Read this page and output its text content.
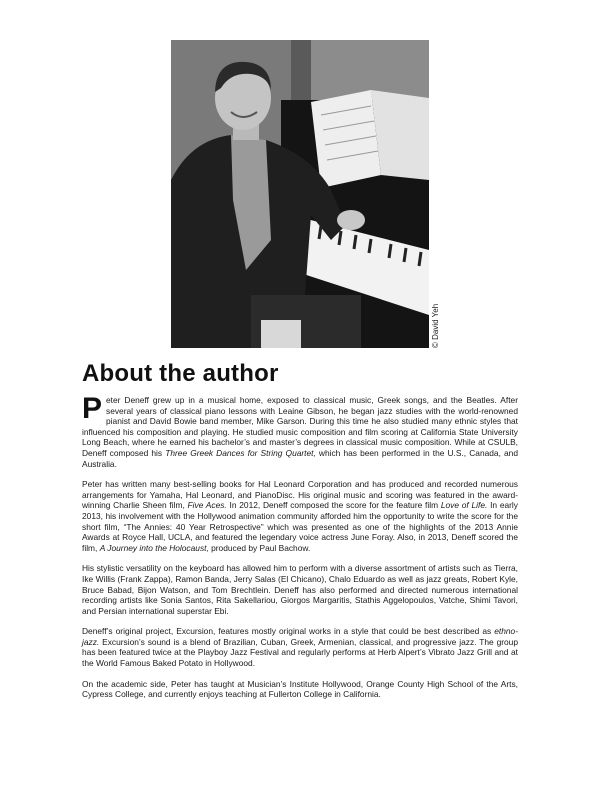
© David Yeh
About the author

Peter Deneff grew up in a musical home, exposed to classical music, Greek songs, and the Beatles. After several years of classical piano lessons with Leaine Gibson, he began jazz studies with the world-renowned pianist and David Bowie band member, Mike Garson. During this time he also studied many ethnic styles that influenced his composition and playing. He studied music composition and film scoring at California State University Long Beach, where he earned his bachelor’s and master’s degrees in classical music composition. While at CSULB, Deneff composed his Three Greek Dances for String Quartet, which has been performed in the U.S., Canada, and Australia.

Peter has written many best-selling books for Hal Leonard Corporation and has produced and recorded numerous arrangements for Yamaha, Hal Leonard, and PianoDisc. His original music and scoring was featured in the award-winning Charlie Sheen film, Five Aces. In 2012, Deneff composed the score for the feature film Love of Life. In early 2013, his involvement with the Hollywood animation community afforded him the opportunity to write the score for the short film, “The Annies: 40 Year Retrospective” which was presented as one of the highlights of the 2013 Annie Awards at Royce Hall, UCLA, and featured the legendary voice actress June Foray. Also, in 2013, Deneff scored the film, A Journey into the Holocaust, produced by Paul Bachow.

His stylistic versatility on the keyboard has allowed him to perform with a diverse assortment of artists such as Tierra, Ike Willis (Frank Zappa), Ramon Banda, Jerry Salas (El Chicano), Chalo Eduardo as well as jazz greats, Robert Kyle, Bruce Babad, Bijon Watson, and Tom Brechtlein. Deneff has also performed and directed numerous international recording artists like Sonia Santos, Rita Sakellariou, Giorgos Margaritis, Stathis Aggelopoulos, Vatche, Shimi Tavori, and Persian international superstar Ebi.

Deneff’s original project, Excursion, features mostly original works in a style that could be best described as ethno-jazz. Excursion’s sound is a blend of Brazilian, Cuban, Greek, Armenian, classical, and progressive jazz. The group has been featured twice at the Playboy Jazz Festival and regularly performs at Herb Alpert’s Vibrato Jazz Grill and at the World Famous Baked Potato in Hollywood.

On the academic side, Peter has taught at Musician’s Institute Hollywood, Orange County High School of the Arts, Cypress College, and currently enjoys teaching at Fullerton College in California.
